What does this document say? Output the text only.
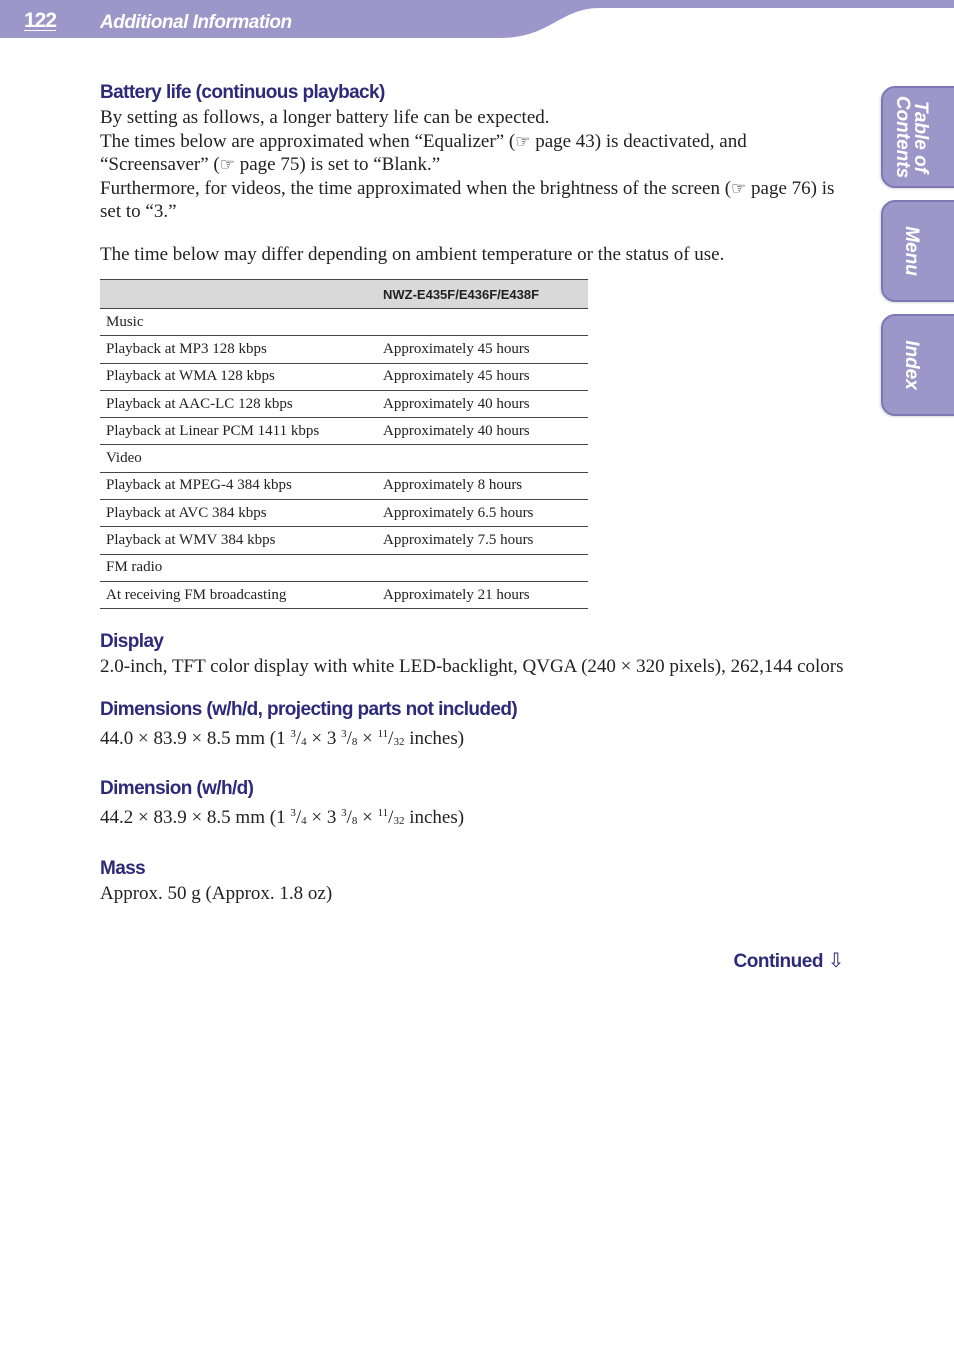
122 Additional Information
Table of
Contents
Menu
Index
Battery life (continuous playback)

By setting as follows, a longer battery life can be expected.
The times below are approximated when “Equalizer” (☞ page 43) is deactivated, and “Screensaver” (☞ page 75) is set to “Blank.”
Furthermore, for videos, the time approximated when the brightness of the screen (☞ page 76) is set to “3.”

The time below may differ depending on ambient temperature or the status of use.

	NWZ-E435F/E436F/E438F
Music	
Playback at MP3 128 kbps	Approximately 45 hours
Playback at WMA 128 kbps	Approximately 45 hours
Playback at AAC-LC 128 kbps	Approximately 40 hours
Playback at Linear PCM 1411 kbps	Approximately 40 hours
Video	
Playback at MPEG-4 384 kbps	Approximately 8 hours
Playback at AVC 384 kbps	Approximately 6.5 hours
Playback at WMV 384 kbps	Approximately 7.5 hours
FM radio	
At receiving FM broadcasting	Approximately 21 hours
Display

2.0-inch, TFT color display with white LED-backlight, QVGA (240 × 320 pixels), 262,144 colors

Dimensions (w/h/d, projecting parts not included)

44.0 × 83.9 × 8.5 mm (1 $^3/_4 \times 3$ $^3/_8 \times ^{11}/_{32}$ inches)

Dimension (w/h/d)

44.2 × 83.9 × 8.5 mm (1 $^3/_4 \times 3$ $^3/_8 \times ^{11}/_{32}$ inches)

Mass

Approx. 50 g (Approx. 1.8 oz)

Continued ⇩
